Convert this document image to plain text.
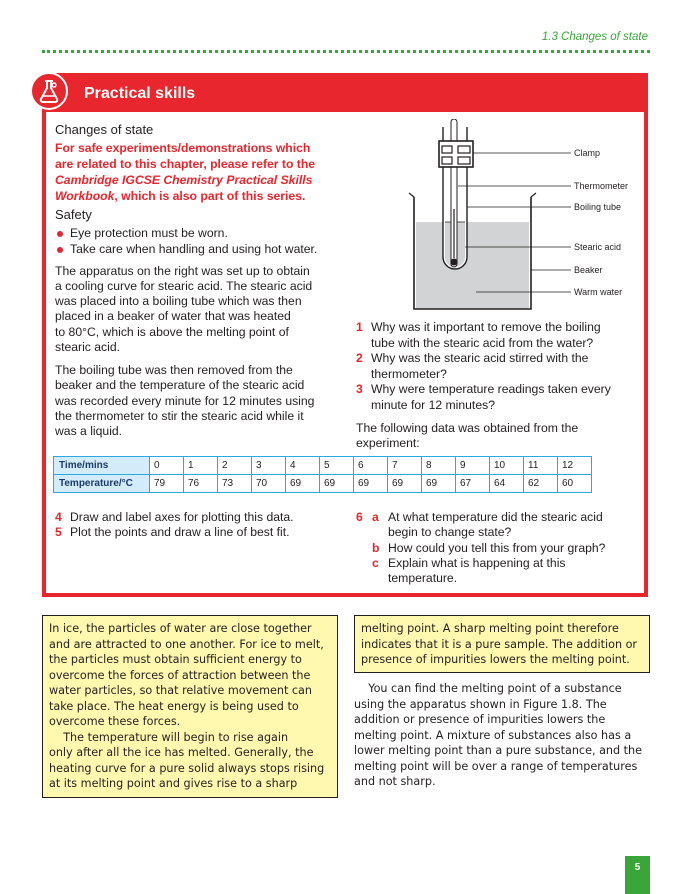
1.3 Changes of state
Practical skills
Changes of state
For safe experiments/demonstrations which
are related to this chapter, please refer to the
Cambridge IGCSE Chemistry Practical Skills
Workbook, which is also part of this series.
Safety
Eye protection must be worn.
Take care when handling and using hot water.
The apparatus on the right was set up to obtain
a cooling curve for stearic acid. The stearic acid
was placed into a boiling tube which was then
placed in a beaker of water that was heated
to 80°C, which is above the melting point of
stearic acid.
The boiling tube was then removed from the
beaker and the temperature of the stearic acid
was recorded every minute for 12 minutes using
the thermometer to stir the stearic acid while it
was a liquid.
Clamp
Thermometer
Boiling tube
Stearic acid
Beaker
Warm water
1 Why was it important to remove the boiling
tube with the stearic acid from the water?
2 Why was the stearic acid stirred with the
thermometer?
3 Why were temperature readings taken every
minute for 12 minutes?
The following data was obtained from the
experiment:
4 Draw and label axes for plotting this data.
5 Plot the points and draw a line of best fit.
6 a At what temperature did the stearic acid
begin to change state?
b How could you tell this from your graph?
c Explain what is happening at this
temperature.
Time/mins	0	1	2	3	4	5	6	7	8	9	10	11	12
Temperature/°C	79	76	73	70	69	69	69	69	69	67	64	62	60
In ice, the particles of water are close together
and are attracted to one another. For ice to melt,
the particles must obtain sufficient energy to
overcome the forces of attraction between the
water particles, so that relative movement can
take place. The heat energy is being used to
overcome these forces.
The temperature will begin to rise again
only after all the ice has melted. Generally, the
heating curve for a pure solid always stops rising
at its melting point and gives rise to a sharp
melting point. A sharp melting point therefore
indicates that it is a pure sample. The addition or
presence of impurities lowers the melting point.
You can find the melting point of a substance
using the apparatus shown in Figure 1.8. The
addition or presence of impurities lowers the
melting point. A mixture of substances also has a
lower melting point than a pure substance, and the
melting point will be over a range of temperatures
and not sharp.
5
